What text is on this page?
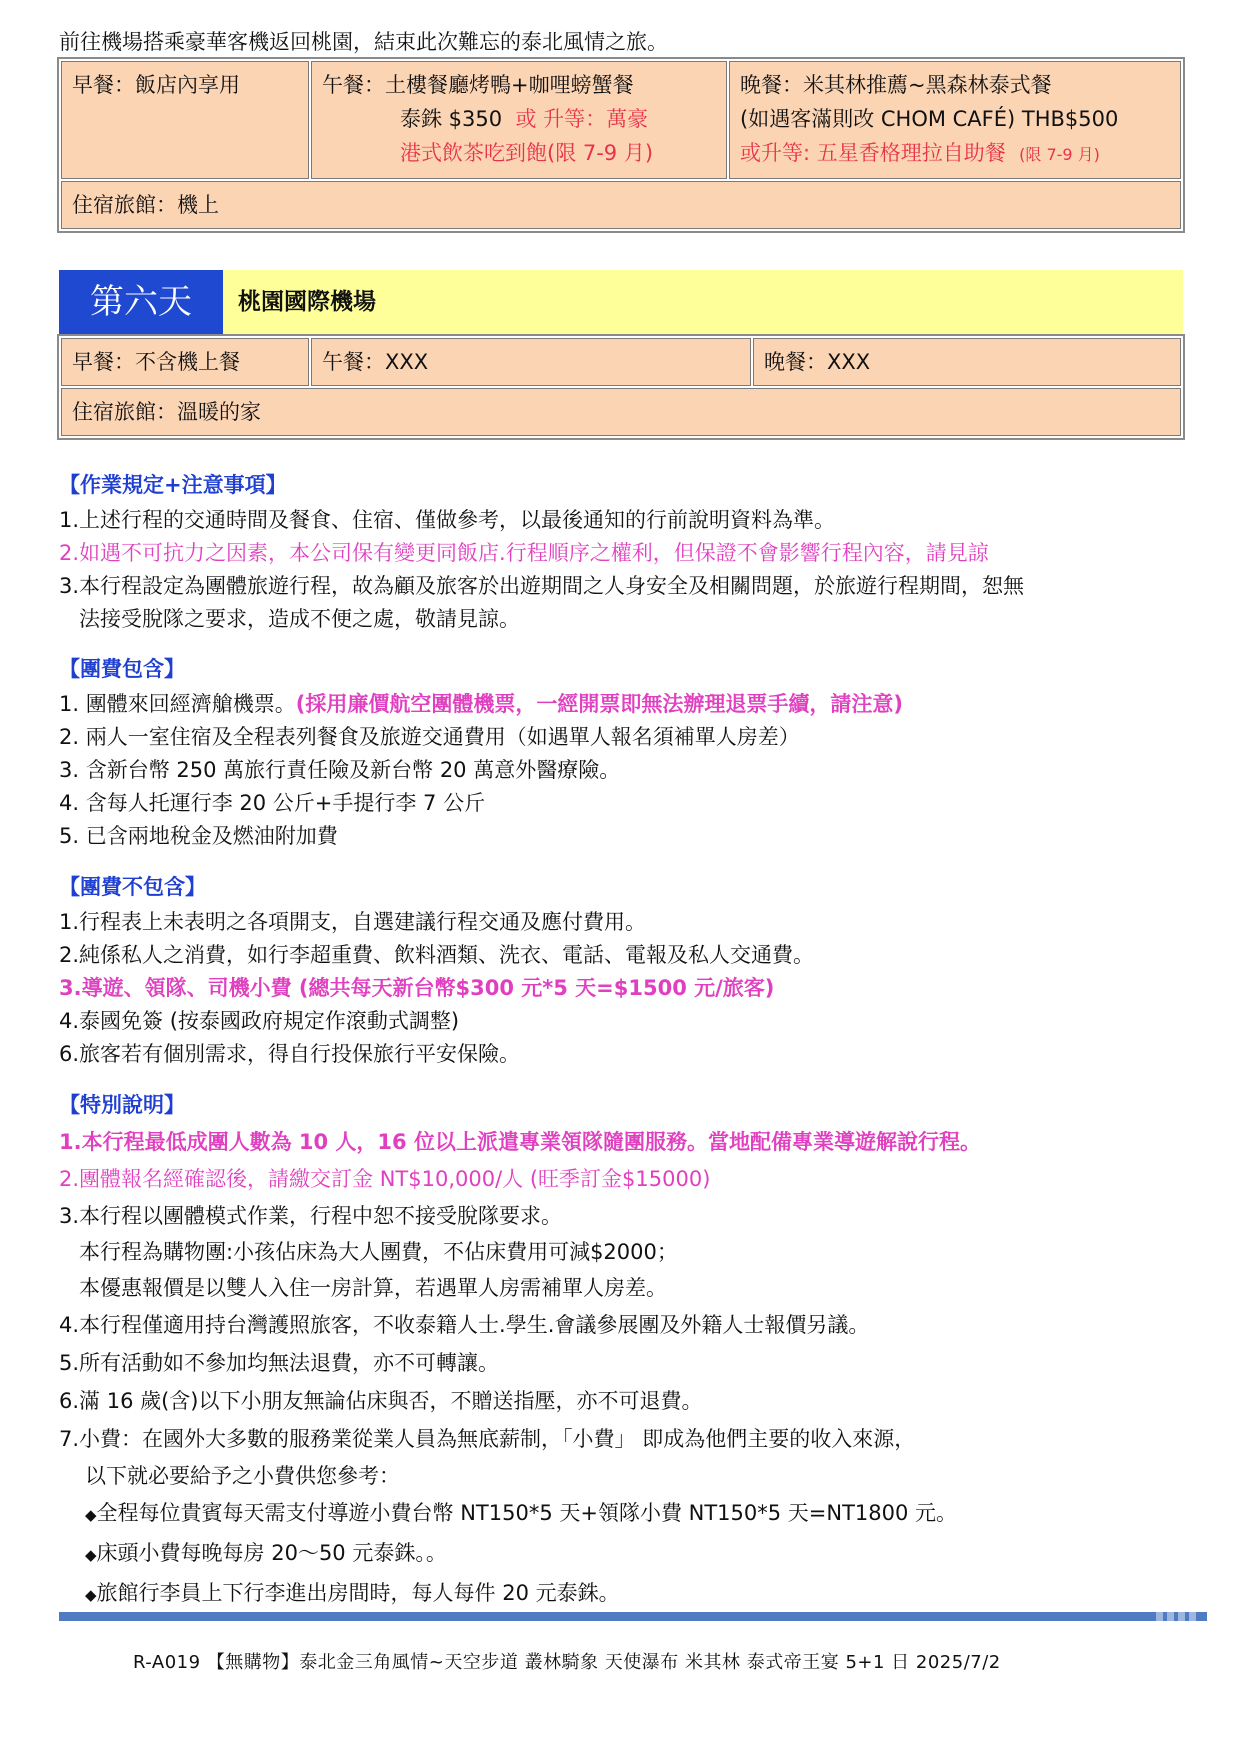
前往機場搭乘豪華客機返回桃園，結束此次難忘的泰北風情之旅。
早餐：飯店內享用	午餐：土樓餐廳烤鴨+咖哩螃蟹餐
泰銖 $350 或 升等：萬豪
港式飲茶吃到飽(限 7-9 月)

晚餐：米其林推薦~黑森林泰式餐
(如遇客滿則改 CHOM CAFÉ) THB$500
或升等: 五星香格理拉自助餐 (限 7-9 月)

住宿旅館：機上
第六天	桃園國際機場
早餐：不含機上餐	午餐：XXX	晚餐：XXX
住宿旅館：溫暖的家
【作業規定+注意事項】
1.上述行程的交通時間及餐食、住宿、僅做參考，以最後通知的行前說明資料為準。
2.如遇不可抗力之因素，本公司保有變更同飯店.行程順序之權利，但保證不會影響行程內容，請見諒
3.本行程設定為團體旅遊行程，故為顧及旅客於出遊期間之人身安全及相關問題，於旅遊行程期間，恕無
法接受脫隊之要求，造成不便之處，敬請見諒。
【團費包含】
1. 團體來回經濟艙機票。(採用廉價航空團體機票，一經開票即無法辦理退票手續，請注意)
2. 兩人一室住宿及全程表列餐食及旅遊交通費用（如遇單人報名須補單人房差）
3. 含新台幣 250 萬旅行責任險及新台幣 20 萬意外醫療險。
4. 含每人托運行李 20 公斤+手提行李 7 公斤
5. 已含兩地稅金及燃油附加費
【團費不包含】
1.行程表上未表明之各項開支，自選建議行程交通及應付費用。
2.純係私人之消費，如行李超重費、飲料酒類、洗衣、電話、電報及私人交通費。
3.導遊、領隊、司機小費 (總共每天新台幣$300 元*5 天=$1500 元/旅客)
4.泰國免簽 (按泰國政府規定作滾動式調整)
6.旅客若有個別需求，得自行投保旅行平安保險。
【特別說明】
1.本行程最低成團人數為 10 人，16 位以上派遣專業領隊隨團服務。當地配備專業導遊解說行程。
2.團體報名經確認後，請繳交訂金 NT$10,000/人 (旺季訂金$15000)
3.本行程以團體模式作業，行程中恕不接受脫隊要求。
本行程為購物團:小孩佔床為大人團費，不佔床費用可減$2000；
本優惠報價是以雙人入住一房計算，若遇單人房需補單人房差。
4.本行程僅適用持台灣護照旅客，不收泰籍人士.學生.會議參展團及外籍人士報價另議。
5.所有活動如不參加均無法退費，亦不可轉讓。
6.滿 16 歲(含)以下小朋友無論佔床與否，不贈送指壓，亦不可退費。
7.小費：在國外大多數的服務業從業人員為無底薪制，「小費」 即成為他們主要的收入來源，
以下就必要給予之小費供您參考：
◆全程每位貴賓每天需支付導遊小費台幣 NT150*5 天+領隊小費 NT150*5 天=NT1800 元。
◆床頭小費每晚每房 20～50 元泰銖。。
◆旅館行李員上下行李進出房間時，每人每件 20 元泰銖。
R-A019 【無購物】泰北金三角風情~天空步道 叢林騎象 天使瀑布 米其林 泰式帝王宴 5+1 日 2025/7/2
